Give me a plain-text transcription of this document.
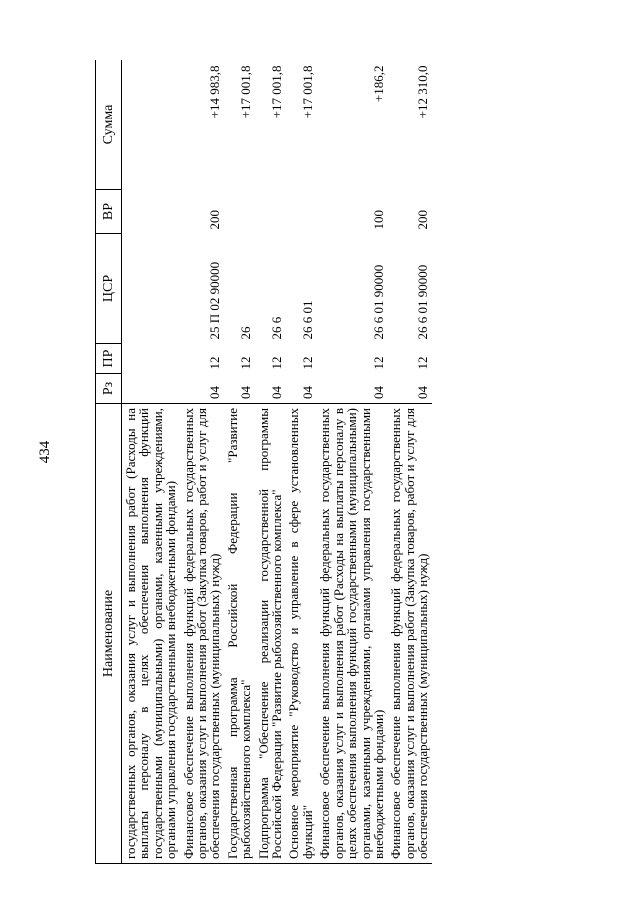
434
Наименование	Рз	ПР	ЦСР	ВР	Сумма
государственных органов, оказания услуг и выполнения работ (Расходы на выплаты персоналу в целях обеспечения выполнения функций государственными (муниципальными) органами, казенными учреждениями, органами управления государственными внебюджетными фондами)					
Финансовое обеспечение выполнения функций федеральных государственных органов, оказания услуг и выполнения работ (Закупка товаров, работ и услуг для обеспечения государственных (муниципальных) нужд)	04	12	25 П 02 90000	200	+14 983,8
Государственная программа Российской Федерации "Развитие рыбохозяйственного комплекса"	04	12	26		+17 001,8
Подпрограмма "Обеспечение реализации государственной программы Российской Федерации "Развитие рыбохозяйственного комплекса"	04	12	26 6		+17 001,8
Основное мероприятие "Руководство и управление в сфере установленных функций"	04	12	26 6 01		+17 001,8
Финансовое обеспечение выполнения функций федеральных государственных органов, оказания услуг и выполнения работ (Расходы на выплаты персоналу в целях обеспечения выполнения функций государственными (муниципальными) органами, казенными учреждениями, органами управления государственными внебюджетными фондами)	04	12	26 6 01 90000	100	+186,2
Финансовое обеспечение выполнения функций федеральных государственных органов, оказания услуг и выполнения работ (Закупка товаров, работ и услуг для обеспечения государственных (муниципальных) нужд)	04	12	26 6 01 90000	200	+12 310,0
